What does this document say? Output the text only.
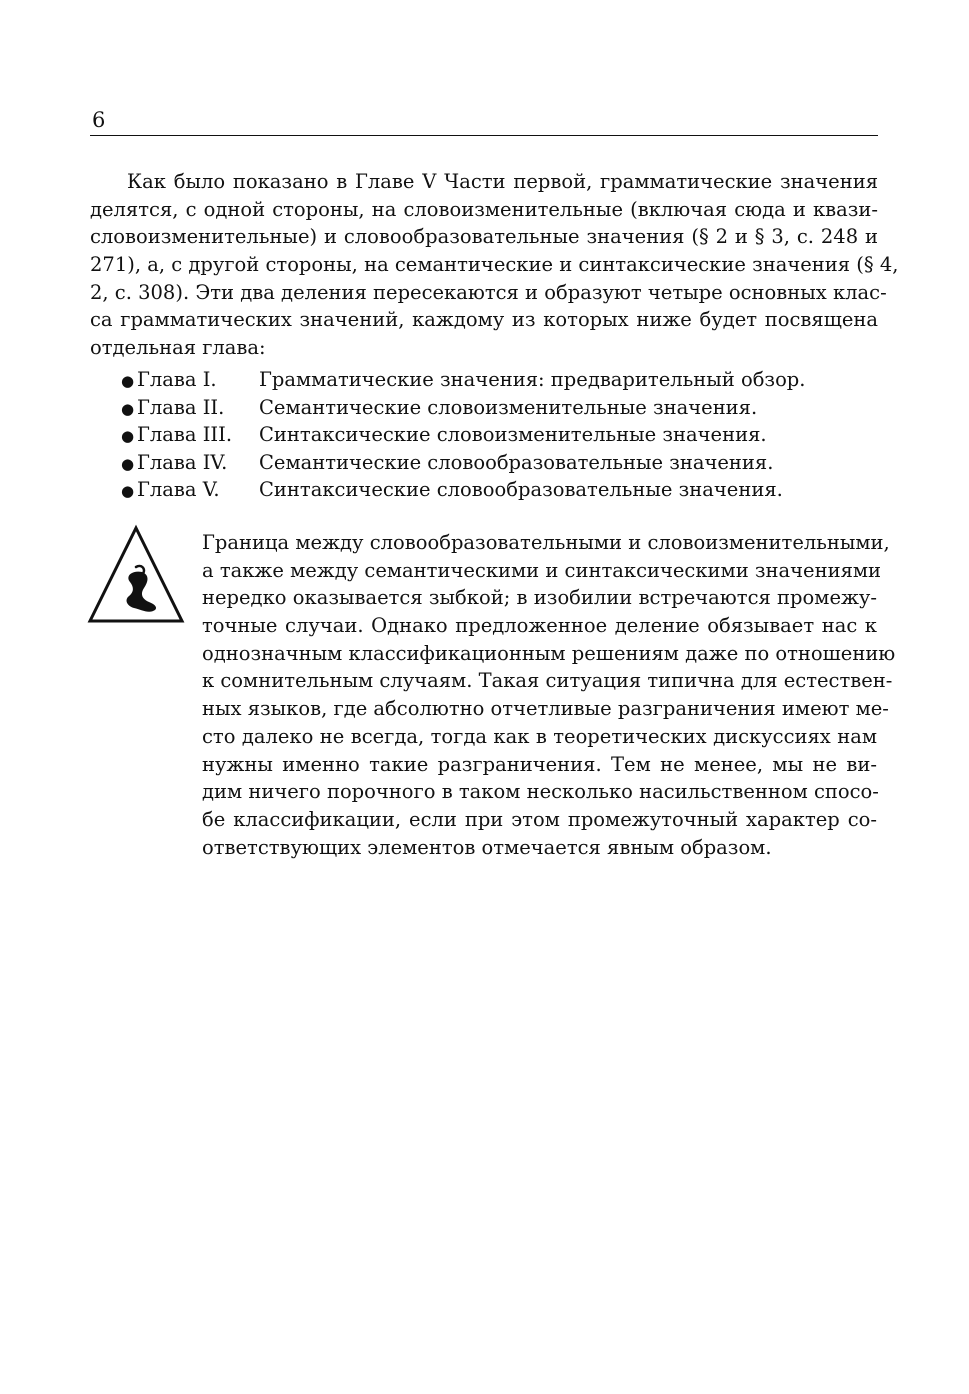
6
Как было показано в Главе V Части первой, грамматические значения
делятся, с одной стороны, на словоизменительные (включая сюда и квази-
словоизменительные) и словообразовательные значения (§ 2 и § 3, с. 248 и
271), а, с другой стороны, на семантические и синтаксические значения (§ 4,
2, с. 308). Эти два деления пересекаются и образуют четыре основных клас-
са грамматических значений, каждому из которых ниже будет посвящена
отдельная глава:
● Глава I. Грамматические значения: предварительный обзор.
● Глава II. Семантические словоизменительные значения.
● Глава III. Синтаксические словоизменительные значения.
● Глава IV. Семантические словообразовательные значения.
● Глава V. Синтаксические словообразовательные значения.
Граница между словообразовательными и словоизменительными,
а также между семантическими и синтаксическими значениями
нередко оказывается зыбкой; в изобилии встречаются промежу-
точные случаи. Однако предложенное деление обязывает нас к
однозначным классификационным решениям даже по отношению
к сомнительным случаям. Такая ситуация типична для естествен-
ных языков, где абсолютно отчетливые разграничения имеют ме-
сто далеко не всегда, тогда как в теоретических дискуссиях нам
нужны именно такие разграничения. Тем не менее, мы не ви-
дим ничего порочного в таком несколько насильственном спосо-
бе классификации, если при этом промежуточный характер со-
ответствующих элементов отмечается явным образом.
